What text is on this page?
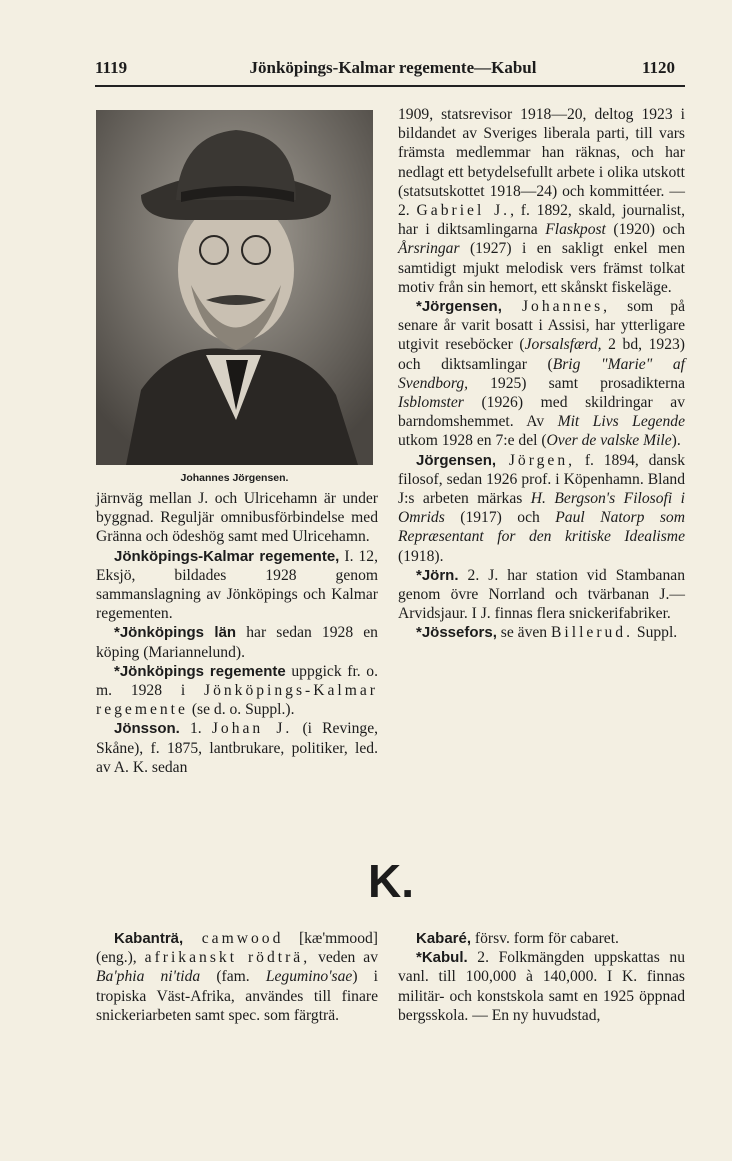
1119	Jönköpings-Kalmar regemente—Kabul	1120
Johannes Jörgensen.

järnväg mellan J. och Ulricehamn är under byggnad. Reguljär omnibusförbindelse med Gränna och ödeshög samt med Ulricehamn.

Jönköpings-Kalmar regemente, I. 12, Eksjö, bildades 1928 genom sammanslagning av Jönköpings och Kalmar regementen.

*Jönköpings län har sedan 1928 en köping (Mariannelund).

*Jönköpings regemente uppgick fr. o. m. 1928 i Jönköpings-Kalmar regemente (se d. o. Suppl.).

Jönsson. 1. Johan J. (i Revinge, Skåne), f. 1875, lantbrukare, politiker, led. av A. K. sedan

1909, statsrevisor 1918—20, deltog 1923 i bildandet av Sveriges liberala parti, till vars främsta medlemmar han räknas, och har nedlagt ett betydelsefullt arbete i olika utskott (statsutskottet 1918—24) och kommittéer. — 2. Gabriel J., f. 1892, skald, journalist, har i diktsamlingarna Flaskpost (1920) och Årsringar (1927) i en sakligt enkel men samtidigt mjukt melodisk vers främst tolkat motiv från sin hemort, ett skånskt fiskeläge.

*Jörgensen, Johannes, som på senare år varit bosatt i Assisi, har ytterligare utgivit reseböcker (Jorsalsfærd, 2 bd, 1923) och diktsamlingar (Brig "Marie" af Svendborg, 1925) samt prosadikterna Isblomster (1926) med skildringar av barndomshemmet. Av Mit Livs Legende utkom 1928 en 7:e del (Over de valske Mile).

Jörgensen, Jörgen, f. 1894, dansk filosof, sedan 1926 prof. i Köpenhamn. Bland J:s arbeten märkas H. Bergson's Filosofi i Omrids (1917) och Paul Natorp som Repræsentant for den kritiske Idealisme (1918).

*Jörn. 2. J. har station vid Stambanan genom övre Norrland och tvärbanan J.—Arvidsjaur. I J. finnas flera snickerifabriker.

*Jössefors, se även Billerud. Suppl.

K.

Kabanträ, camwood [kæ'mmood] (eng.), afrikanskt rödträ, veden av Ba'phia ni'tida (fam. Legumino'sae) i tropiska Väst-Afrika, användes till finare snickeriarbeten samt spec. som färgträ.

Kabaré, försv. form för cabaret.

*Kabul. 2. Folkmängden uppskattas nu vanl. till 100,000 à 140,000. I K. finnas militär- och konstskola samt en 1925 öppnad bergsskola. — En ny huvudstad,
